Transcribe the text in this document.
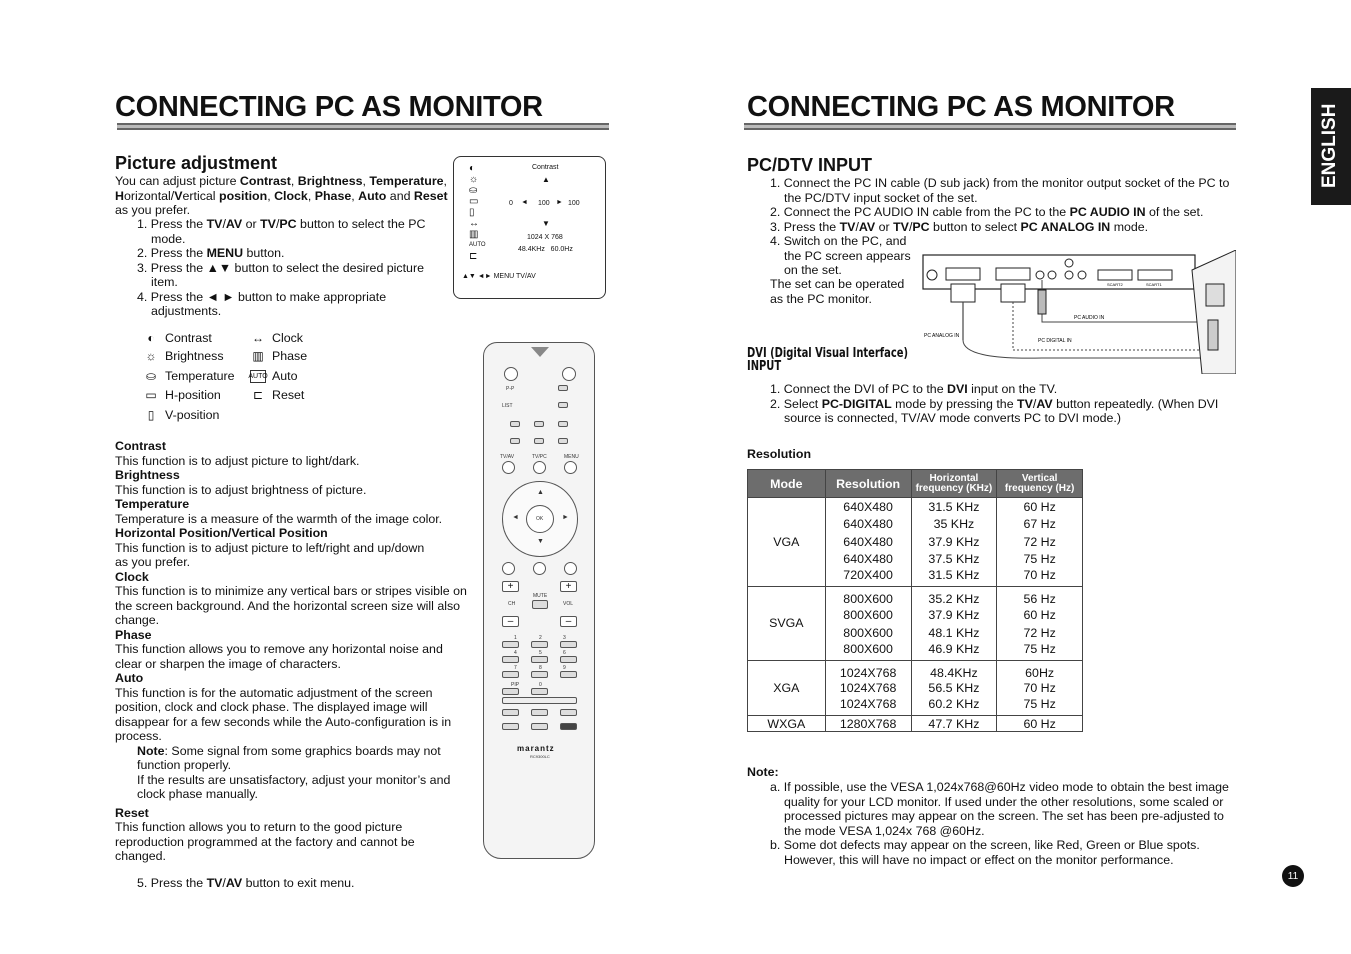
CONNECTING PC AS MONITOR
Picture adjustment
You can adjust picture Contrast, Brightness, Temperature, Horizontal/Vertical position, Clock, Phase, Auto and Reset as you prefer.
1. Press the TV/AV or TV/PC button to select the PC mode.
2. Press the MENU button.
3. Press the ▲▼ button to select the desired picture item.
4. Press the ◄ ► button to make appropriate adjustments.
◐
☼
⛀
▭
▯
↔
▥
AUTO
⊏
Contrast
▲
0 ◄ 100 ► 100
▼
1024 X 768
48.4KHz   60.0Hz
▲▼ ◄► MENU TV/AV
◐ Contrast
☼ Brightness
⛀ Temperature
▭ H-position
▯ V-position
↔ Clock
▥ Phase
AUTO Auto
⊏ Reset
Contrast
This function is to adjust picture to light/dark.
Brightness
This function is to adjust brightness of picture.
Temperature
Temperature is a measure of the warmth of the image color.
Horizontal Position/Vertical Position
This function is to adjust picture to left/right and up/down as you prefer.
Clock
This function is to minimize any vertical bars or stripes visible on the screen background. And the horizontal screen size will also change.
Phase
This function allows you to remove any horizontal noise and clear or sharpen the image of characters.
Auto
This function is for the automatic adjustment of the screen position, clock and clock phase. The displayed image will disappear for a few seconds while the Auto-configuration is in process.
Note: Some signal from some graphics boards may not function properly.
If the results are unsatisfactory, adjust your monitor’s and clock phase manually.
Reset
This function allows you to return to the good picture reproduction programmed at the factory and cannot be changed.
5. Press the TV/AV button to exit menu.
P-P
LIST
TV/AV	TV/PC	MENU
OK
▲
▼
◄	►
+	+
MUTE
CH	VOL
–	–
1	2	3
4	5	6
7	8	9
PIP	0
marantz
RC9300LC
CONNECTING PC AS MONITOR	ENGLISH
PC/DTV INPUT
1. Connect the PC IN cable (D sub jack) from the monitor output socket of the PC to the PC/DTV input socket of the set.
2. Connect the PC AUDIO IN cable from the PC to the PC AUDIO IN of the set.
3. Press the TV/AV or TV/PC button to select PC ANALOG IN mode.
4. Switch on the PC, and the PC screen appears on the set.
The set can be operated as the PC monitor.
PC ANALOG IN
PC DIGITAL IN
PC AUDIO IN
SCART2	SCART1
DVI (Digital Visual Interface)
INPUT
1. Connect the DVI of PC to the DVI input on the TV.
2. Select PC-DIGITAL mode by pressing the TV/AV button repeatedly. (When DVI source is connected, TV/AV mode converts PC to DVI mode.)
Resolution
Mode	Resolution	Horizontal frequency (KHz)	Vertical frequency (Hz)
VGA	640X480	31.5 KHz	60 Hz
	640X480	35 KHz	67 Hz
	640X480	37.9 KHz	72 Hz
	640X480	37.5 KHz	75 Hz
	720X400	31.5 KHz	70 Hz
SVGA	800X600	35.2 KHz	56 Hz
	800X600	37.9 KHz	60 Hz
	800X600	48.1 KHz	72 Hz
	800X600	46.9 KHz	75 Hz
XGA	1024X768	48.4KHz	60Hz
	1024X768	56.5 KHz	70 Hz
	1024X768	60.2 KHz	75 Hz
WXGA	1280X768	47.7 KHz	60 Hz
Note:
a. If possible, use the VESA 1,024x768@60Hz video mode to obtain the best image quality for your LCD monitor. If used under the other resolutions, some scaled or processed pictures may appear on the screen. The set has been pre-adjusted to the mode VESA 1,024x 768 @60Hz.
b. Some dot defects may appear on the screen, like Red, Green or Blue spots. However, this will have no impact or effect on the monitor performance.
11
